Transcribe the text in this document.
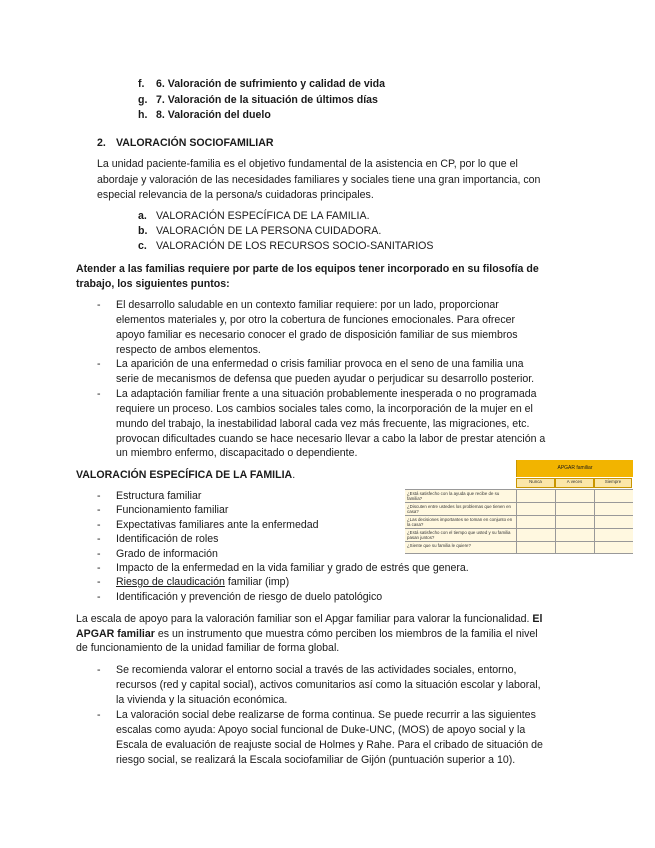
f.	6. Valoración de sufrimiento y calidad de vida
g. 7. Valoración de la situación de últimos días
h. 8. Valoración del duelo
2. VALORACIÓN SOCIOFAMILIAR
La unidad paciente-familia es el objetivo fundamental de la asistencia en CP, por lo que el
abordaje y valoración de las necesidades familiares y sociales tiene una gran importancia, con
especial relevancia de la persona/s cuidadoras principales.
a. VALORACIÓN ESPECÍFICA DE LA FAMILIA.
b. VALORACIÓN DE LA PERSONA CUIDADORA.
c. VALORACIÓN DE LOS RECURSOS SOCIO-SANITARIOS
Atender a las familias requiere por parte de los equipos tener incorporado en su filosofía de
trabajo, los siguientes puntos:
- El desarrollo saludable en un contexto familiar requiere: por un lado, proporcionar
elementos materiales y, por otro la cobertura de funciones emocionales. Para ofrecer
apoyo familiar es necesario conocer el grado de disposición familiar de sus miembros
respecto de ambos elementos.
- La aparición de una enfermedad o crisis familiar provoca en el seno de una familia una
serie de mecanismos de defensa que pueden ayudar o perjudicar su desarrollo posterior.
- La adaptación familiar frente a una situación probablemente inesperada o no programada
requiere un proceso. Los cambios sociales tales como, la incorporación de la mujer en el
mundo del trabajo, la inestabilidad laboral cada vez más frecuente, las migraciones, etc.
provocan dificultades cuando se hace necesario llevar a cabo la labor de prestar atención a
un miembro enfermo, discapacitado o dependiente.
VALORACIÓN ESPECÍFICA DE LA FAMILIA.
- Estructura familiar
- Funcionamiento familiar
- Expectativas familiares ante la enfermedad
- Identificación de roles
- Grado de información
- Impacto de la enfermedad en la vida familiar y grado de estrés que genera.
- Riesgo de claudicación familiar (imp)
- Identificación y prevención de riesgo de duelo patológico
APGAR familiar
Nunca	A veces	Siempre
¿Está satisfecho con la ayuda que recibe de su familia?
¿Discuten entre ustedes los problemas que tienen en casa?
¿Las decisiones importantes se toman en conjunto en la casa?
¿Está satisfecho con el tiempo que usted y su familia pasan juntos?
¿Siente que su familia le quiere?
La escala de apoyo para la valoración familiar son el Apgar familiar para valorar la funcionalidad. El
APGAR familiar es un instrumento que muestra cómo perciben los miembros de la familia el nivel
de funcionamiento de la unidad familiar de forma global.
- Se recomienda valorar el entorno social a través de las actividades sociales, entorno,
recursos (red y capital social), activos comunitarios así como la situación escolar y laboral,
la vivienda y la situación económica.
- La valoración social debe realizarse de forma continua. Se puede recurrir a las siguientes
escalas como ayuda: Apoyo social funcional de Duke-UNC, (MOS) de apoyo social y la
Escala de evaluación de reajuste social de Holmes y Rahe. Para el cribado de situación de
riesgo social, se realizará la Escala sociofamiliar de Gijón (puntuación superior a 10).
